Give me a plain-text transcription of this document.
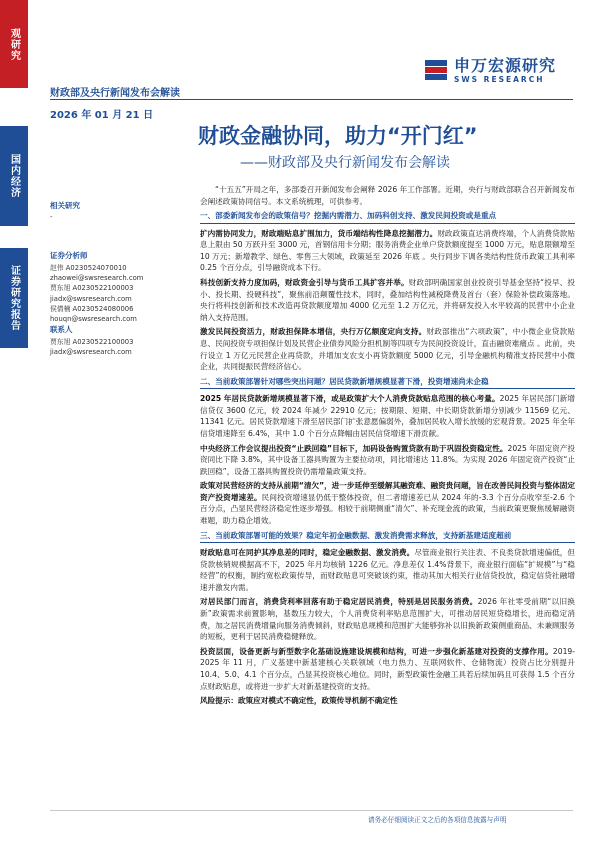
观研究
国内经济
证券研究报告
申万宏源研究
SWS RESEARCH
财政部及央行新闻发布会解读
2026 年 01 月 21 日
财政金融协同，助力“开门红”
——财政部及央行新闻发布会解读
相关研究
-
证券分析师
赵伟 A0230524070010
zhaowei@swsresearch.com
贾东旭 A0230522100003
jiadx@swsresearch.com
侯倩楠 A0230524080006
houqn@swsresearch.com
联系人
贾东旭 A0230522100003
jiadx@swsresearch.com

“十五五”开局之年，多部委召开新闻发布会阐释 2026 年工作部署。近期，央行与财政部联合召开新闻发布会阐述政策协同信号。本文系统梳理，可供参考。

一、部委新闻发布会的政策信号？挖掘内需潜力、加码科创支持、激发民间投资或是重点

扩内需协同发力，财政端贴息扩围加力，货币端结构性降息挖掘潜力。财政政策直达消费终端，个人消费贷款贴息上限由 50 万跃升至 3000 元，首钢信用卡分期；服务消费企业单户贷款额度提至 1000 万元，贴息限额增至 10 万元；新增教学、绿色、零售三大领域，政策延至 2026 年底 。央行同步下调各类结构性货币政策工具利率 0.25 个百分点，引导融资成本下行。

科技创新支持力度加码，财政资金引导与货币工具扩容并举。财政部明确国家创业投资引导基金坚持“投早、投小、投长期、投硬科技”，聚焦前沿颠覆性技术，同时，叠加结构性减税降费及首台（套）保险补偿政策落地。央行将科技创新和技术改造再贷款额度增加 4000 亿元至 1.2 万亿元，并将研发投入水平较高的民营中小企业纳入支持范围。

激发民间投资活力，财政担保降本增信，央行万亿额度定向支持。财政部推出“六项政策”，中小微企业贷款贴息、民间投资专项担保计划及民营企业债券风险分担机制等四项专为民间投资设计，直击融资难痛点 。此前，央行设立 1 万亿元民营企业再贷款，并增加支农支小再贷款额度 5000 亿元，引导金融机构精准支持民营中小微企业，共同提振民营经济信心。

二、当前政策部署针对哪些突出问题？居民贷款新增规模显著下滑，投资增速尚未企稳

2025 年居民贷款新增规模显著下滑，或是政策扩大个人消费贷款贴息范围的核心考量。2025 年居民部门新增信贷仅 3600 亿元，较 2024 年减少 22910 亿元；按期限、短期、中长期贷款新增分别减少 11569 亿元、11341 亿元。居民贷款增速下滑至居民部门扩张意愿偏弱外，叠加居民收入增长放缓的宏观背景。2025 年全年信贷增速降至 6.4%，其中 1.0 个百分点降幅由居民信贷增速下滑贡献。

中央经济工作会议提出投资“止跌回稳”目标下，加码设备购置贷款有助于巩固投资稳定性。2025 年固定资产投资同比下降 3.8%，其中设备工器具购置为主要拉动项，同比增速达 11.8%。为实现 2026 年固定资产投资“止跌回稳”，设备工器具购置投资仍需增量政策支持。

政策对民营经济的支持从前期“清欠”，进一步延伸至缓解其融资难、融资贵问题，旨在改善民间投资与整体固定资产投资增速差。民间投资增速显仍低于整体投资，但二者增速差已从 2024 年的-3.3 个百分点收窄至-2.6 个百分点，凸显民营经济稳定性逐步增强。相较于前期侧重“清欠”、补充现金流的政策，当前政策更聚焦缓解融资难题，助力稳企增效。

三、当前政策部署可能的效果？稳定年初金融数据、激发消费需求释放，支持新基建适度超前

财政贴息可在同护其净息差的同时，稳定金融数据、激发消费。尽管商业银行关注表、不良类贷款增速偏低，但贷款核销规模据高不下，2025 年月均核销 1226 亿元。净息差仅 1.4%背景下，商业银行面临“扩规模”与“稳经营”的权衡，制约宽松政策传导，而财政贴息可突破该约束，推动其加大相关行业信贷投放，稳定信贷社融增速并激发内需。

对居民部门而言，消费贷利率回落有助于稳定居民消费，特别是居民服务消费。2026 年社零受前期“以旧换新”政策需求前置影响，基数压力较大，个人消费贷利率贴息范围扩大，可推动居民短贷稳增长，进而稳定消费，加之居民消费增量向服务消费倾斜，财政贴息规模和范围扩大能够弥补以旧换新政策侧重商品、未兼顾服务的短板，更利于居民消费稳健释放。

投资层面，设备更新与新型数字化基础设施建设规模和结构，可进一步强化新基建对投资的支撑作用。2019-2025 年 11 月，广义基建中新基建核心关联领域（电力热力、互联网软件、仓储物流）投资占比分别提升 10.4、5.0、4.1 个百分点，凸显其投资核心地位。同时，新型政策性金融工具若后续加码且可获得 1.5 个百分点财政贴息，或将进一步扩大对新基建投资的支持。

风险提示：政策应对模式不确定性，政策传导机制不确定性

请务必仔细阅读正文之后的各项信息披露与声明
